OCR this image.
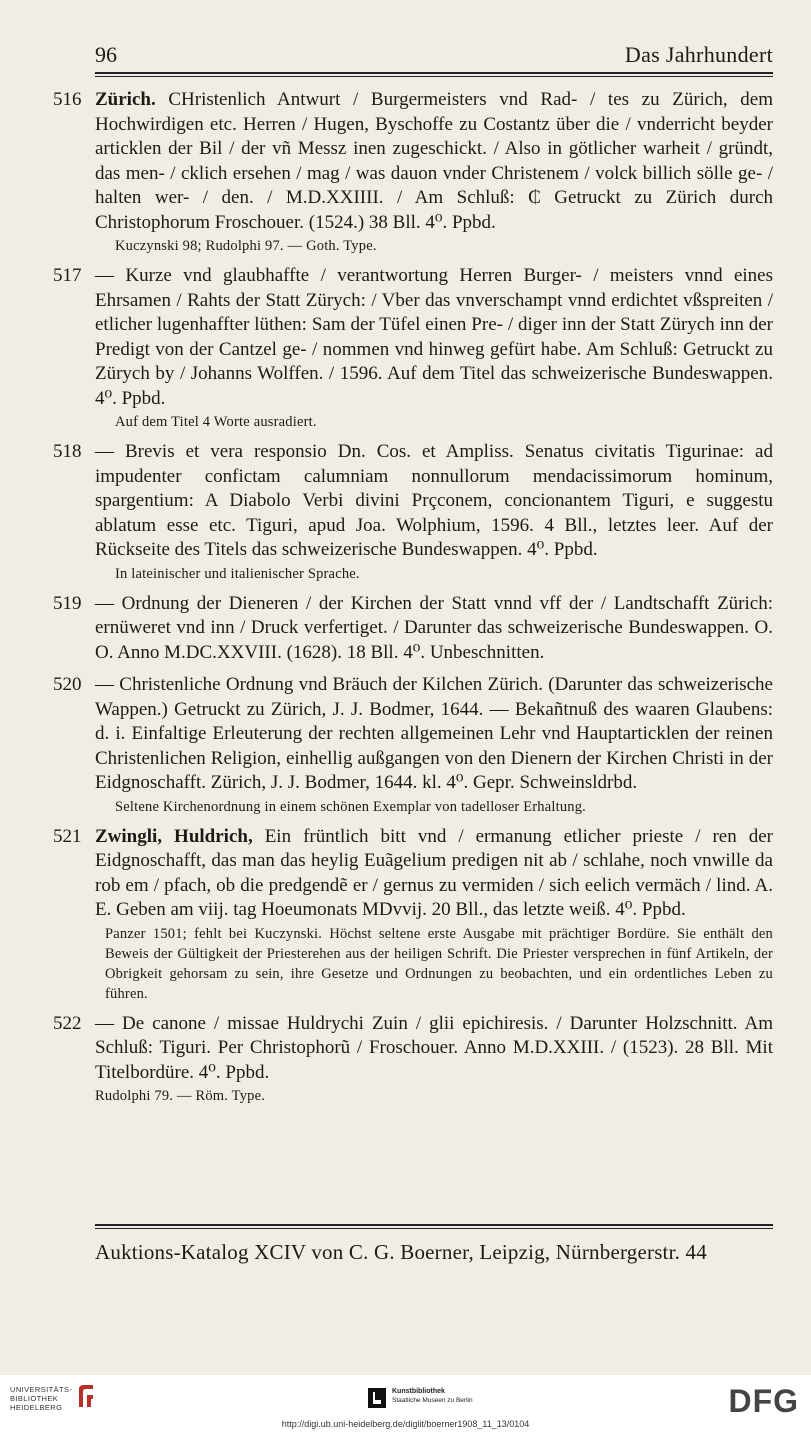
96	Das Jahrhundert
516 Zürich. CHristenlich Antwurt / Burgermeisters vnd Rad- / tes zu Zürich, dem Hochwirdigen etc. Herren / Hugen, Byschoffe zu Costantz über die / vnderricht beyder articklen der Bil / der vñ Messz inen zugeschickt. / Also in götlicher warheit / gründt, das men- / cklich ersehen / mag / was dauon vnder Christenem / volck billich sölle ge- / halten wer- / den. / M.D.XXIIII. / Am Schluß: ₵ Getruckt zu Zürich durch Christophorum Froschouer. (1524.) 38 Bll. 4⁰. Ppbd.
Kuczynski 98; Rudolphi 97. — Goth. Type.
517 — Kurze vnd glaubhaffte / verantwortung Herren Burger- / meisters vnnd eines Ehrsamen / Rahts der Statt Zürych: / Vber das vnverschampt vnnd erdichtet vßspreiten / etlicher lugenhaffter lüthen: Sam der Tüfel einen Pre- / diger inn der Statt Zürych inn der Predigt von der Cantzel ge- / nommen vnd hinweg gefürt habe. Am Schluß: Getruckt zu Zürych by / Johanns Wolffen. / 1596. Auf dem Titel das schweizerische Bundeswappen. 4⁰. Ppbd.
Auf dem Titel 4 Worte ausradiert.
518 — Brevis et vera responsio Dn. Cos. et Ampliss. Senatus civitatis Tigurinae: ad impudenter confictam calumniam nonnullorum mendacissimorum hominum, spargentium: A Diabolo Verbi divini Prçconem, concionantem Tiguri, e suggestu ablatum esse etc. Tiguri, apud Joa. Wolphium, 1596. 4 Bll., letztes leer. Auf der Rückseite des Titels das schweizerische Bundeswappen. 4⁰. Ppbd.
In lateinischer und italienischer Sprache.
519 — Ordnung der Dieneren / der Kirchen der Statt vnnd vff der / Landtschafft Zürich: ernüweret vnd inn / Druck verfertiget. / Darunter das schweizerische Bundeswappen. O. O. Anno M.DC.XXVIII. (1628). 18 Bll. 4⁰. Unbeschnitten.
520 — Christenliche Ordnung vnd Bräuch der Kilchen Zürich. (Darunter das schweizerische Wappen.) Getruckt zu Zürich, J. J. Bodmer, 1644. — Bekañtnuß des waaren Glaubens: d. i. Einfaltige Erleuterung der rechten allgemeinen Lehr vnd Hauptarticklen der reinen Christenlichen Religion, einhellig außgangen von den Dienern der Kirchen Christi in der Eidgnoschafft. Zürich, J. J. Bodmer, 1644. kl. 4⁰. Gepr. Schweinsldrbd.
Seltene Kirchenordnung in einem schönen Exemplar von tadelloser Erhaltung.
521 Zwingli, Huldrich, Ein früntlich bitt vnd / ermanung etlicher prieste / ren der Eidgnoschafft, das man das heylig Euãgelium predigen nit ab / schlahe, noch vnwille da rob em / pfach, ob die predgendẽ er / gernus zu vermiden / sich eelich vermäch / lind. A. E. Geben am viij. tag Hoeumonats MDvvij. 20 Bll., das letzte weiß. 4⁰. Ppbd.
Panzer 1501; fehlt bei Kuczynski. Höchst seltene erste Ausgabe mit prächtiger Bordüre. Sie enthält den Beweis der Gültigkeit der Priesterehen aus der heiligen Schrift. Die Priester versprechen in fünf Artikeln, der Obrigkeit gehorsam zu sein, ihre Gesetze und Ordnungen zu beobachten, und ein ordentliches Leben zu führen.
522 — De canone / missae Huldrychi Zuin / glii epichiresis. / Darunter Holzschnitt. Am Schluß: Tiguri. Per Christophorũ / Froschouer. Anno M.D.XXIII. / (1523). 28 Bll. Mit Titelbordüre. 4⁰. Ppbd.
Rudolphi 79. — Röm. Type.
Auktions-Katalog XCIV von C. G. Boerner, Leipzig, Nürnbergerstr. 44
UNIVERSITÄTS-
BIBLIOTHEK
HEIDELBERG
Kunstbibliothek
Staatliche Museen zu Berlin	DFG
http://digi.ub.uni-heidelberg.de/diglit/boerner1908_11_13/0104
